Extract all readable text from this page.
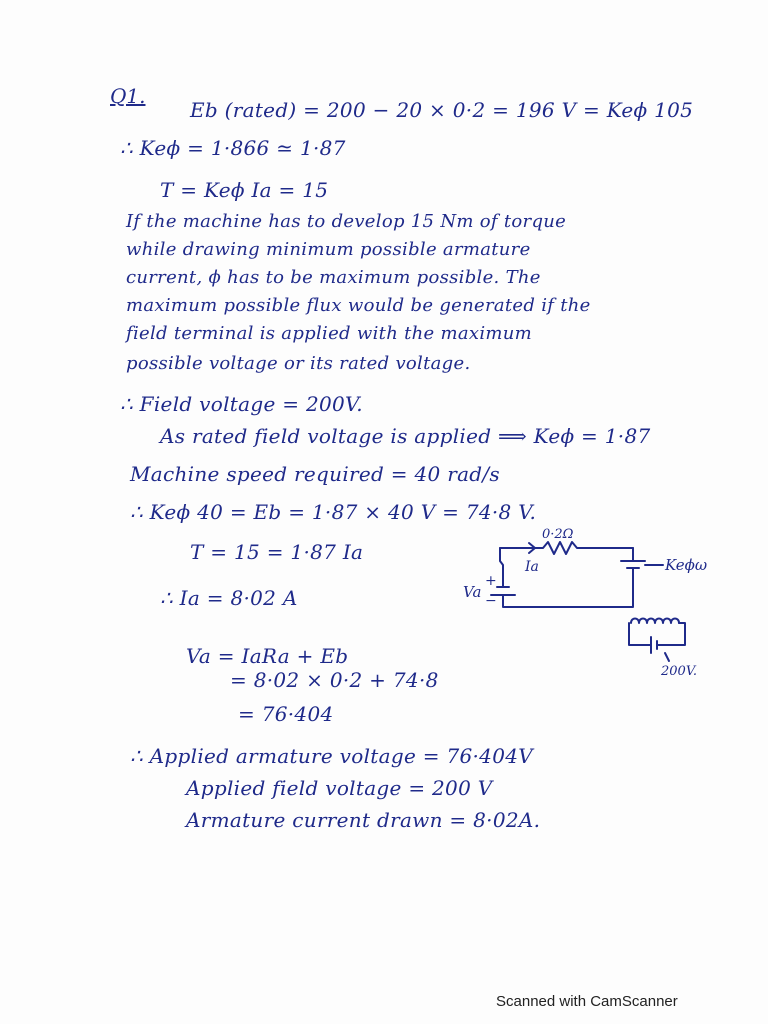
Q1.
Eb (rated) = 200 − 20 × 0·2 = 196 V = Keϕ 105
∴ Keϕ = 1·866 ≃ 1·87
T = Keϕ Ia = 15
If the machine has to develop 15 Nm of torque
while drawing minimum possible armature
current, ϕ has to be maximum possible. The
maximum possible flux would be generated if the
field terminal is applied with the maximum
possible voltage or its rated voltage.
∴ Field voltage = 200V.
As rated field voltage is applied ⟹ Keϕ = 1·87
Machine speed required = 40 rad/s
∴ Keϕ 40 = Eb = 1·87 × 40 V = 74·8 V.
T = 15 = 1·87 Ia
∴ Ia = 8·02 A
Va = IaRa + Eb
= 8·02 × 0·2 + 74·8
= 76·404
∴ Applied armature voltage = 76·404V
Applied field voltage = 200 V
Armature current drawn = 8·02A.
0·2Ω
Ia
+
−
Va
Keϕω
200V.
Scanned with CamScanner
